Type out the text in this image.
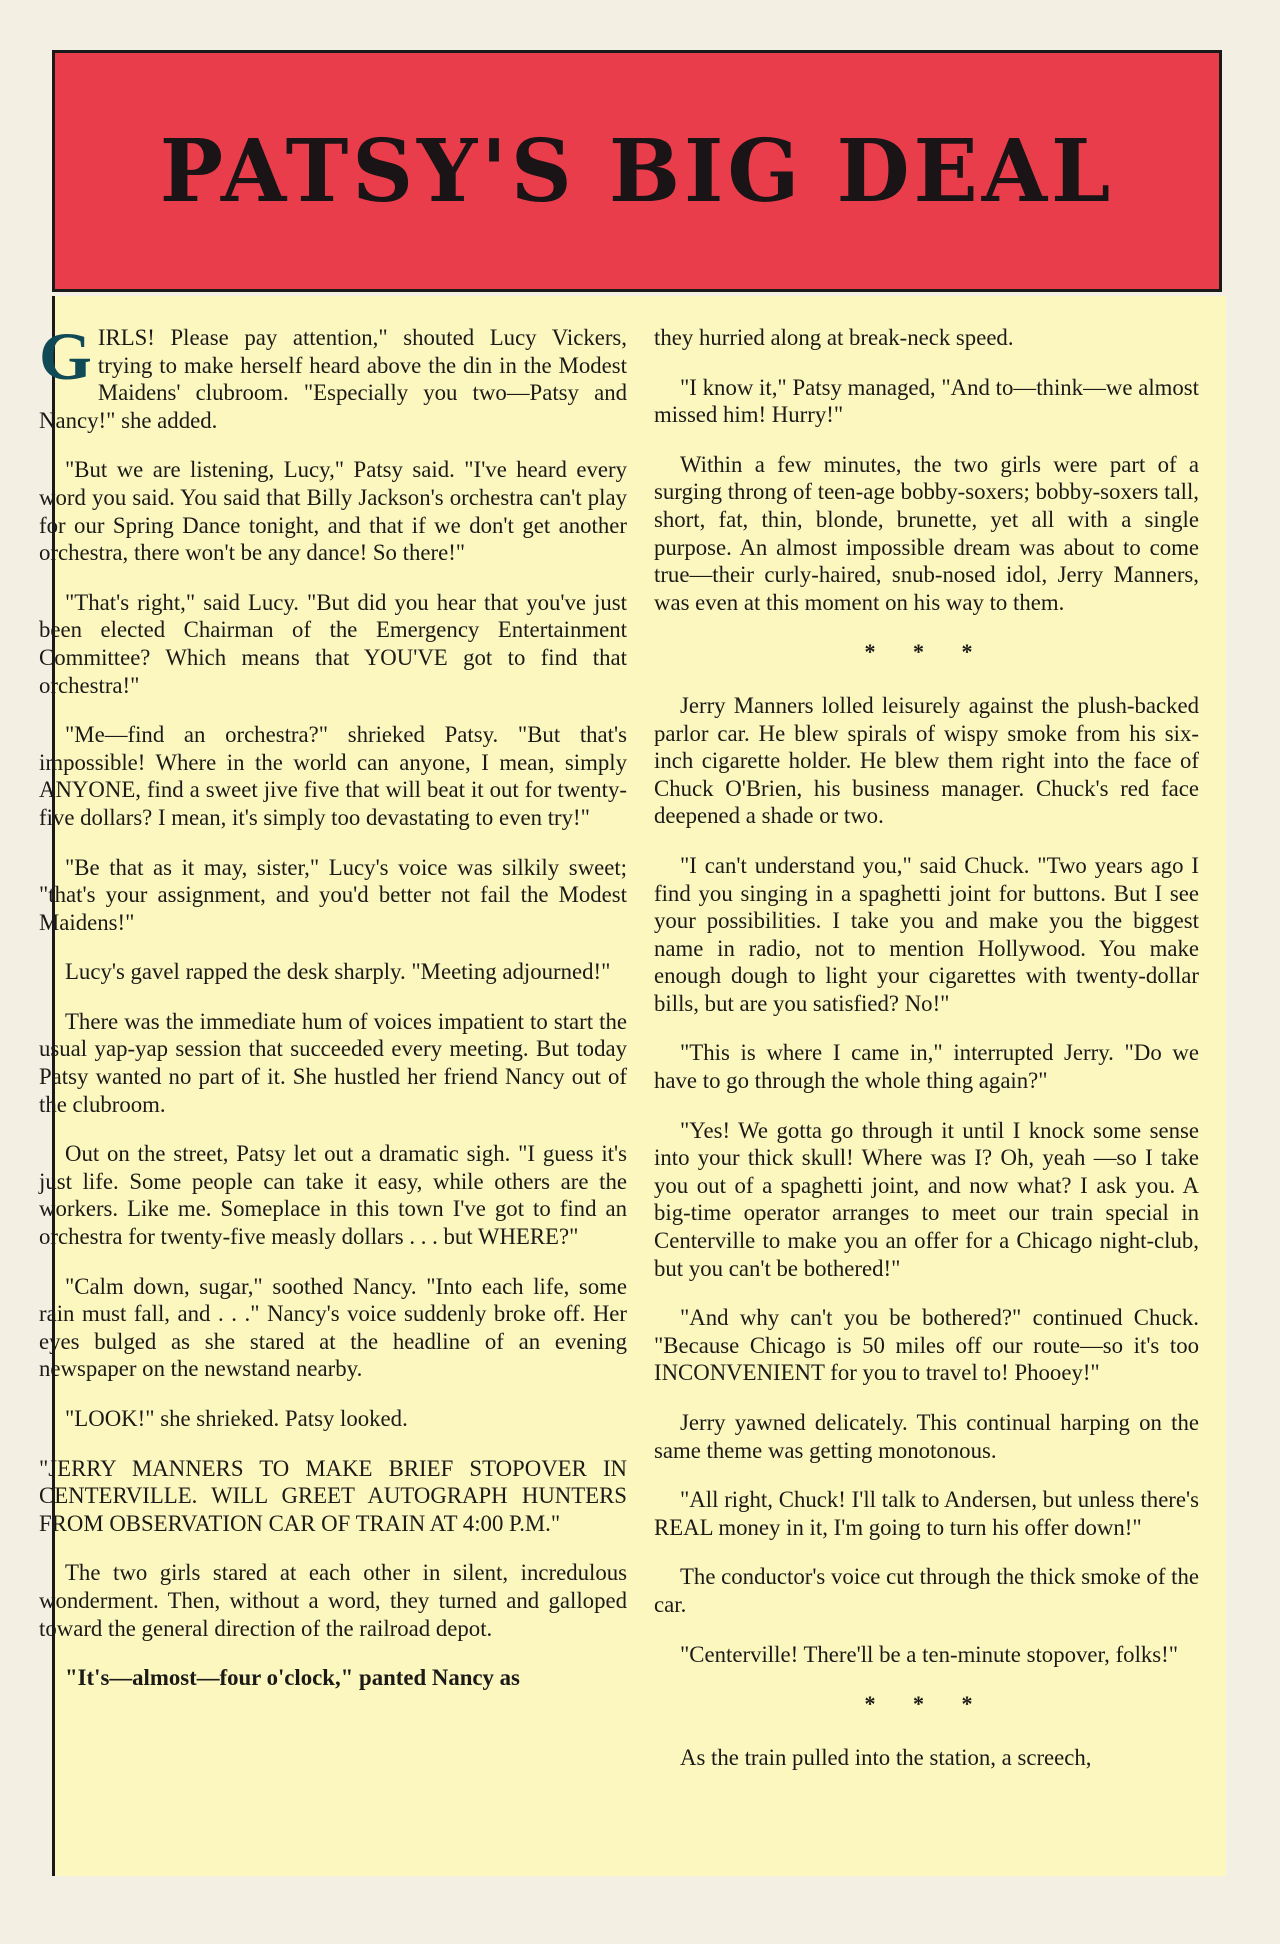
PATSY'S BIG DEAL

GIRLS! Please pay attention," shouted Lucy Vickers, trying to make herself heard above the din in the Modest Maidens' clubroom. "Especially you two—Patsy and Nancy!" she added.

"But we are listening, Lucy," Patsy said. "I've heard every word you said. You said that Billy Jackson's orchestra can't play for our Spring Dance tonight, and that if we don't get another orchestra, there won't be any dance! So there!"

"That's right," said Lucy. "But did you hear that you've just been elected Chairman of the Emergency Entertainment Committee? Which means that YOU'VE got to find that orchestra!"

"Me—find an orchestra?" shrieked Patsy. "But that's impossible! Where in the world can anyone, I mean, simply ANYONE, find a sweet jive five that will beat it out for twenty-five dollars? I mean, it's simply too devastating to even try!"

"Be that as it may, sister," Lucy's voice was silkily sweet; "that's your assignment, and you'd better not fail the Modest Maidens!"

Lucy's gavel rapped the desk sharply. "Meeting adjourned!"

There was the immediate hum of voices impatient to start the usual yap-yap session that succeeded every meeting. But today Patsy wanted no part of it. She hustled her friend Nancy out of the clubroom.

Out on the street, Patsy let out a dramatic sigh. "I guess it's just life. Some people can take it easy, while others are the workers. Like me. Someplace in this town I've got to find an orchestra for twenty-five measly dollars . . . but WHERE?"

"Calm down, sugar," soothed Nancy. "Into each life, some rain must fall, and . . ." Nancy's voice suddenly broke off. Her eyes bulged as she stared at the headline of an evening newspaper on the newstand nearby.

"LOOK!" she shrieked. Patsy looked.

"JERRY MANNERS TO MAKE BRIEF STOPOVER IN CENTERVILLE. WILL GREET AUTOGRAPH HUNTERS FROM OBSERVATION CAR OF TRAIN AT 4:00 P.M."

The two girls stared at each other in silent, incredulous wonderment. Then, without a word, they turned and galloped toward the general direction of the railroad depot.

"It's—almost—four o'clock," panted Nancy as

they hurried along at break-neck speed.

"I know it," Patsy managed, "And to—think—we almost missed him! Hurry!"

Within a few minutes, the two girls were part of a surging throng of teen-age bobby-soxers; bobby-soxers tall, short, fat, thin, blonde, brunette, yet all with a single purpose. An almost impossible dream was about to come true—their curly-haired, snub-nosed idol, Jerry Manners, was even at this moment on his way to them.

* * *

Jerry Manners lolled leisurely against the plush-backed parlor car. He blew spirals of wispy smoke from his six-inch cigarette holder. He blew them right into the face of Chuck O'Brien, his business manager. Chuck's red face deepened a shade or two.

"I can't understand you," said Chuck. "Two years ago I find you singing in a spaghetti joint for buttons. But I see your possibilities. I take you and make you the biggest name in radio, not to mention Hollywood. You make enough dough to light your cigarettes with twenty-dollar bills, but are you satisfied? No!"

"This is where I came in," interrupted Jerry. "Do we have to go through the whole thing again?"

"Yes! We gotta go through it until I knock some sense into your thick skull! Where was I? Oh, yeah —so I take you out of a spaghetti joint, and now what? I ask you. A big-time operator arranges to meet our train special in Centerville to make you an offer for a Chicago night-club, but you can't be bothered!"

"And why can't you be bothered?" continued Chuck. "Because Chicago is 50 miles off our route—so it's too INCONVENIENT for you to travel to! Phooey!"

Jerry yawned delicately. This continual harping on the same theme was getting monotonous.

"All right, Chuck! I'll talk to Andersen, but unless there's REAL money in it, I'm going to turn his offer down!"

The conductor's voice cut through the thick smoke of the car.

"Centerville! There'll be a ten-minute stopover, folks!"

* * *

As the train pulled into the station, a screech,
